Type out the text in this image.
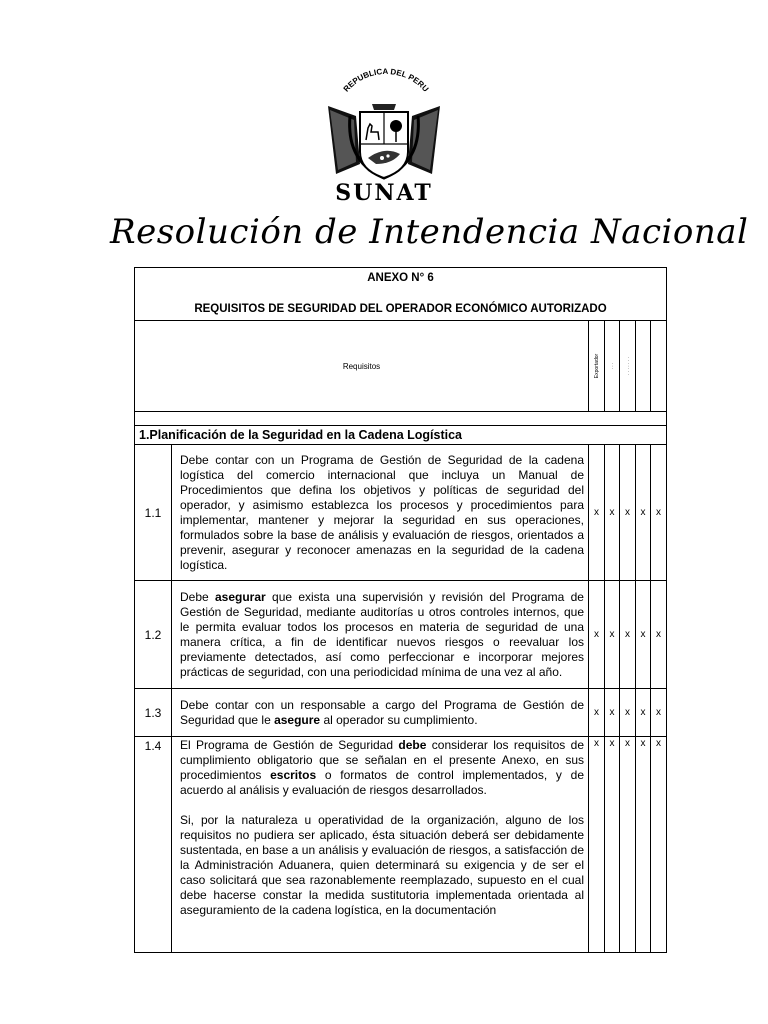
REPUBLICA DEL PERU
SUNAT
Resolución de Intendencia Nacional
ANEXO N° 6
REQUISITOS DE SEGURIDAD DEL OPERADOR ECONÓMICO AUTORIZADO						

Requisitos		Exportador	. . .	. . . . . . .		

1.Planificación de la Seguridad en la Cadena Logística						
1.1	Debe contar con un Programa de Gestión de Seguridad de la cadena logística del comercio internacional que incluya un Manual de Procedimientos que defina los objetivos y políticas de seguridad del operador, y asimismo establezca los procesos y procedimientos para implementar, mantener y mejorar la seguridad en sus operaciones, formulados sobre la base de análisis y evaluación de riesgos, orientados a prevenir, asegurar y reconocer amenazas en la seguridad de la cadena logística.	x	x	x	x	x
1.2	Debe asegurar que exista una supervisión y revisión del Programa de Gestión de Seguridad, mediante auditorías u otros controles internos, que le permita evaluar todos los procesos en materia de seguridad de una manera crítica, a fin de identificar nuevos riesgos o reevaluar los previamente detectados, así como perfeccionar e incorporar mejores prácticas de seguridad, con una periodicidad mínima de una vez al año.	x	x	x	x	x
1.3	Debe contar con un responsable a cargo del Programa de Gestión de Seguridad que le asegure al operador su cumplimiento.	x	x	x	x	x
1.4	El Programa de Gestión de Seguridad debe considerar los requisitos de cumplimiento obligatorio que se señalan en el presente Anexo, en sus procedimientos escritos o formatos de control implementados, y de acuerdo al análisis y evaluación de riesgos desarrollados.

Si, por la naturaleza u operatividad de la organización, alguno de los requisitos no pudiera ser aplicado, ésta situación deberá ser debidamente sustentada, en base a un análisis y evaluación de riesgos, a satisfacción de la Administración Aduanera, quien determinará su exigencia y de ser el caso solicitará que sea razonablemente reemplazado, supuesto en el cual debe hacerse constar la medida sustitutoria implementada orientada al aseguramiento de la cadena logística, en la documentación	x	x	x	x	x
